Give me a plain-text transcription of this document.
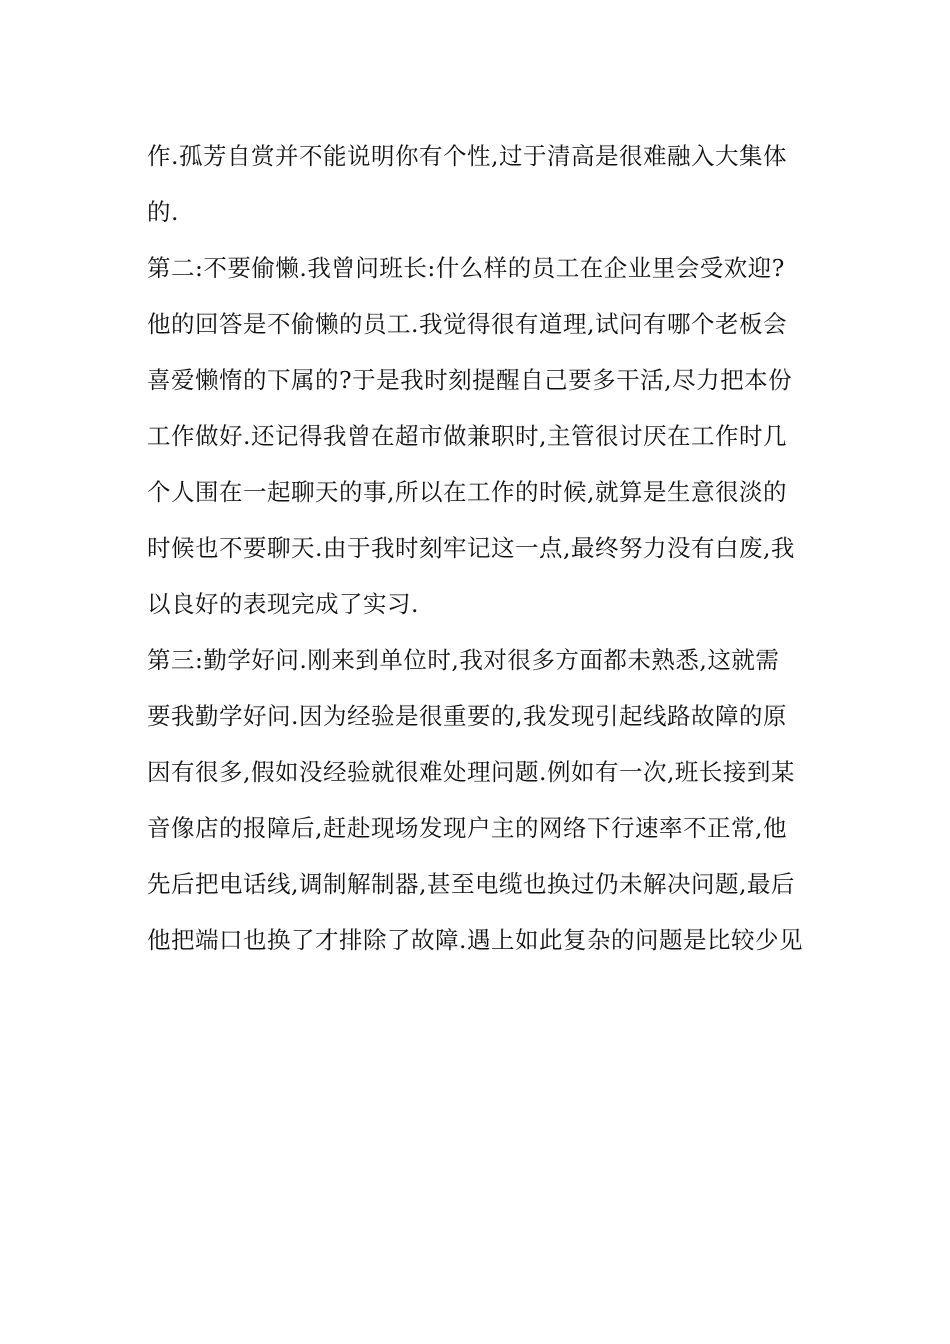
作.孤芳自赏并不能说明你有个性,过于清高是很难融入大集体
的.
第二:不要偷懒.我曾问班长:什么样的员工在企业里会受欢迎?
他的回答是不偷懒的员工.我觉得很有道理,试问有哪个老板会
喜爱懒惰的下属的?于是我时刻提醒自己要多干活,尽力把本份
工作做好.还记得我曾在超市做兼职时,主管很讨厌在工作时几
个人围在一起聊天的事,所以在工作的时候,就算是生意很淡的
时候也不要聊天.由于我时刻牢记这一点,最终努力没有白废,我
以良好的表现完成了实习.
第三:勤学好问.刚来到单位时,我对很多方面都未熟悉,这就需
要我勤学好问.因为经验是很重要的,我发现引起线路故障的原
因有很多,假如没经验就很难处理问题.例如有一次,班长接到某
音像店的报障后,赶赴现场发现户主的网络下行速率不正常,他
先后把电话线,调制解制器,甚至电缆也换过仍未解决问题,最后
他把端口也换了才排除了故障.遇上如此复杂的问题是比较少见
